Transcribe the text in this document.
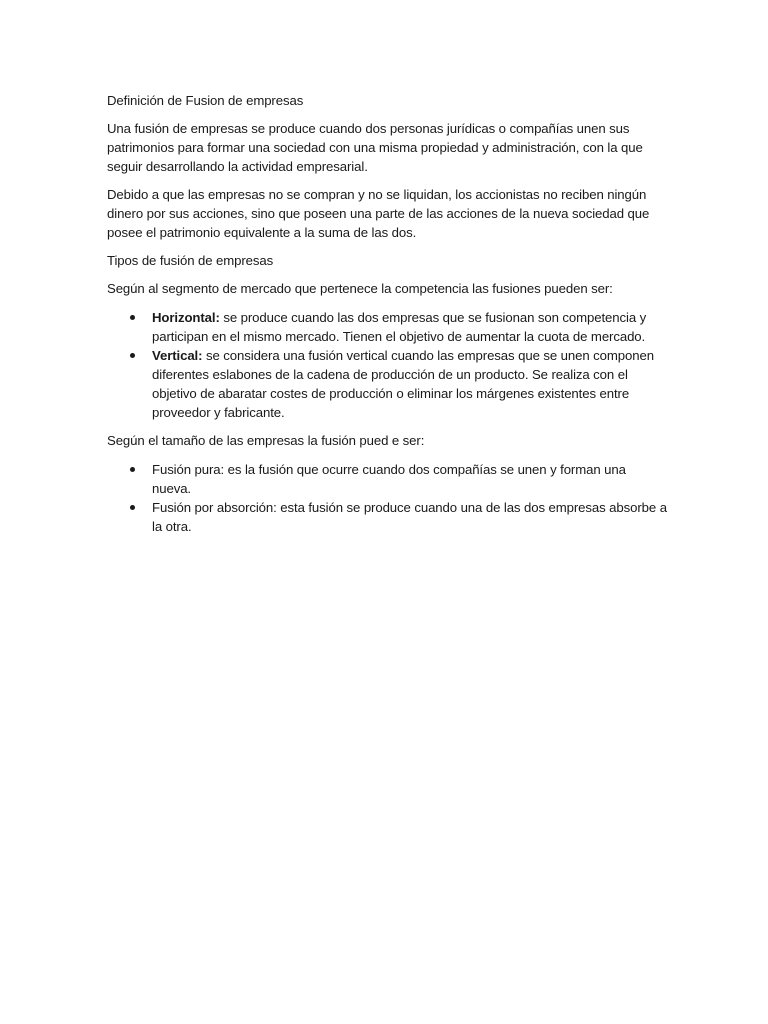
Definición de Fusion de empresas

Una fusión de empresas se produce cuando dos personas jurídicas o compañías unen sus patrimonios para formar una sociedad con una misma propiedad y administración, con la que seguir desarrollando la actividad empresarial.

Debido a que las empresas no se compran y no se liquidan, los accionistas no reciben ningún dinero por sus acciones, sino que poseen una parte de las acciones de la nueva sociedad que posee el patrimonio equivalente a la suma de las dos.

Tipos de fusión de empresas

Según al segmento de mercado que pertenece la competencia las fusiones pueden ser:

Horizontal: se produce cuando las dos empresas que se fusionan son competencia y participan en el mismo mercado. Tienen el objetivo de aumentar la cuota de mercado.
Vertical: se considera una fusión vertical cuando las empresas que se unen componen diferentes eslabones de la cadena de producción de un producto. Se realiza con el objetivo de abaratar costes de producción o eliminar los márgenes existentes entre proveedor y fabricante.

Según el tamaño de las empresas la fusión pued e ser:

Fusión pura: es la fusión que ocurre cuando dos compañías se unen y forman una nueva.
Fusión por absorción: esta fusión se produce cuando una de las dos empresas absorbe a la otra.
